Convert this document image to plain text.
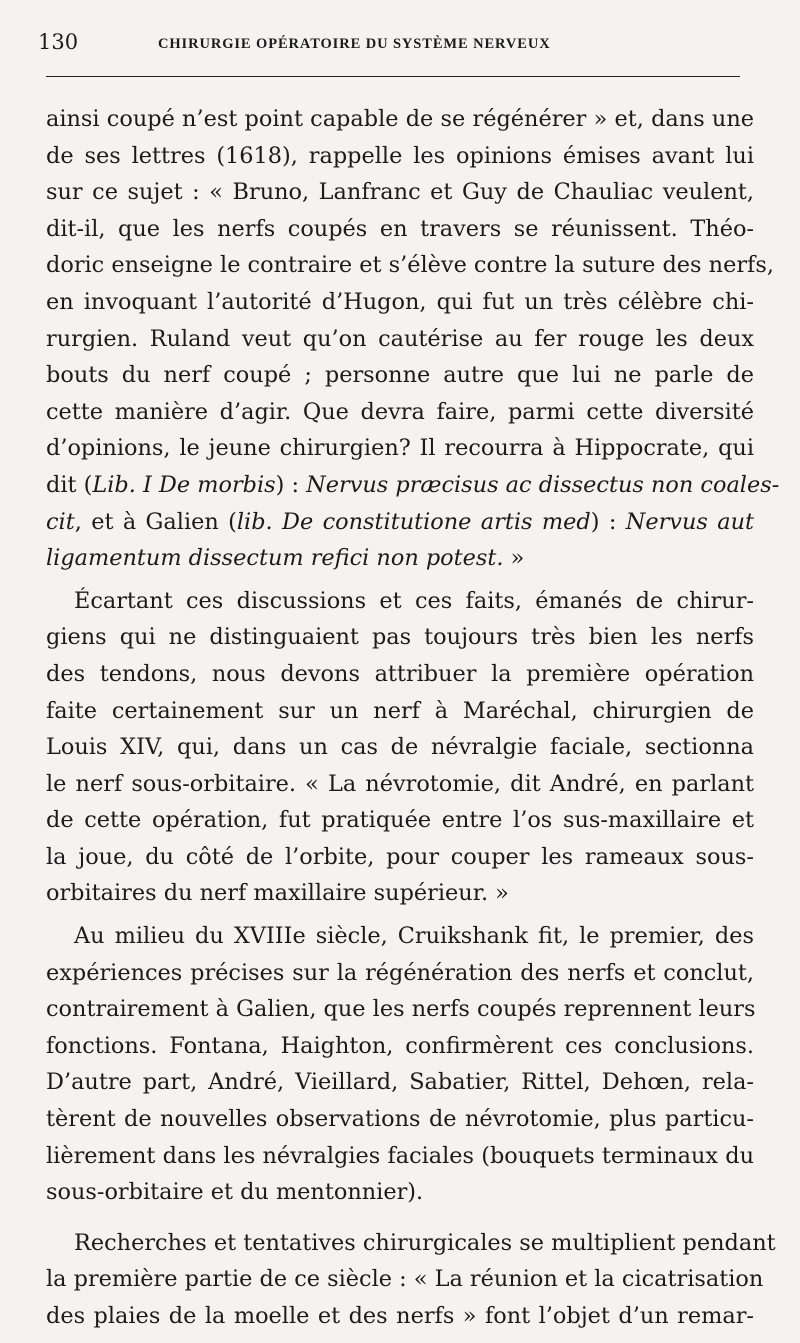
130	CHIRURGIE OPÉRATOIRE DU SYSTÈME NERVEUX
ainsi coupé n’est point capable de se régénérer » et, dans une
de ses lettres (1618), rappelle les opinions émises avant lui
sur ce sujet : « Bruno, Lanfranc et Guy de Chauliac veulent,
dit-il, que les nerfs coupés en travers se réunissent. Théo-
doric enseigne le contraire et s’élève contre la suture des nerfs,
en invoquant l’autorité d’Hugon, qui fut un très célèbre chi-
rurgien. Ruland veut qu’on cautérise au fer rouge les deux
bouts du nerf coupé ; personne autre que lui ne parle de
cette manière d’agir. Que devra faire, parmi cette diversité
d’opinions, le jeune chirurgien? Il recourra à Hippocrate, qui
dit (Lib. I De morbis) : Nervus præcisus ac dissectus non coales-
cit, et à Galien (lib. De constitutione artis med) : Nervus aut
ligamentum dissectum refici non potest. »
Écartant ces discussions et ces faits, émanés de chirur-
giens qui ne distinguaient pas toujours très bien les nerfs
des tendons, nous devons attribuer la première opération
faite certainement sur un nerf à Maréchal, chirurgien de
Louis XIV, qui, dans un cas de névralgie faciale, sectionna
le nerf sous-orbitaire. « La névrotomie, dit André, en parlant
de cette opération, fut pratiquée entre l’os sus-maxillaire et
la joue, du côté de l’orbite, pour couper les rameaux sous-
orbitaires du nerf maxillaire supérieur. »
Au milieu du XVIIIe siècle, Cruikshank fit, le premier, des
expériences précises sur la régénération des nerfs et conclut,
contrairement à Galien, que les nerfs coupés reprennent leurs
fonctions. Fontana, Haighton, confirmèrent ces conclusions.
D’autre part, André, Vieillard, Sabatier, Rittel, Dehœn, rela-
tèrent de nouvelles observations de névrotomie, plus particu-
lièrement dans les névralgies faciales (bouquets terminaux du
sous-orbitaire et du mentonnier).
Recherches et tentatives chirurgicales se multiplient pendant
la première partie de ce siècle : « La réunion et la cicatrisation
des plaies de la moelle et des nerfs » font l’objet d’un remar-
